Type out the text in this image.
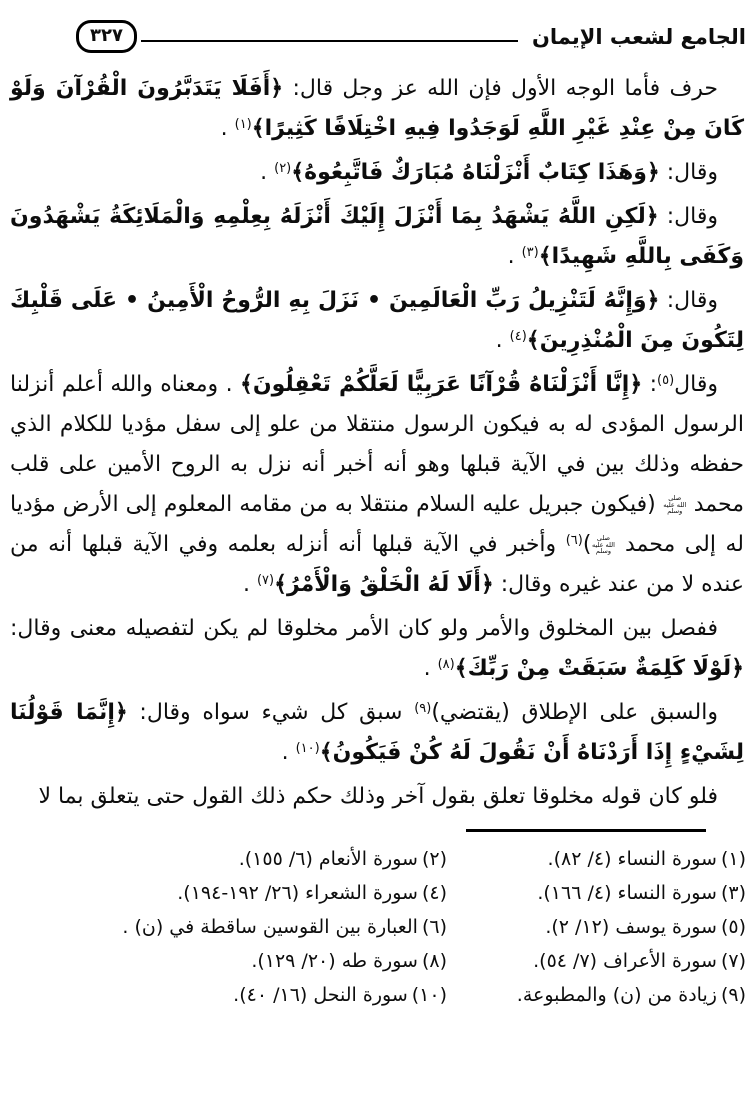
الجامع لشعب الإيمان
٣٢٧

حرف فأما الوجه الأول فإن الله عز وجل قال: ﴿أَفَلَا يَتَدَبَّرُونَ الْقُرْآنَ وَلَوْ كَانَ مِنْ عِنْدِ غَيْرِ اللَّهِ لَوَجَدُوا فِيهِ اخْتِلَافًا كَثِيرًا﴾$^{(١)}$ .

وقال: ﴿وَهَذَا كِتَابٌ أَنْزَلْنَاهُ مُبَارَكٌ فَاتَّبِعُوهُ﴾$^{(٢)}$ .

وقال: ﴿لَكِنِ اللَّهُ يَشْهَدُ بِمَا أَنْزَلَ إِلَيْكَ أَنْزَلَهُ بِعِلْمِهِ وَالْمَلَائِكَةُ يَشْهَدُونَ وَكَفَى بِاللَّهِ شَهِيدًا﴾$^{(٣)}$ .

وقال: ﴿وَإِنَّهُ لَتَنْزِيلُ رَبِّ الْعَالَمِينَ • نَزَلَ بِهِ الرُّوحُ الْأَمِينُ • عَلَى قَلْبِكَ لِتَكُونَ مِنَ الْمُنْذِرِينَ﴾$^{(٤)}$ .

وقال$^{(٥)}$: ﴿إِنَّا أَنْزَلْنَاهُ قُرْآنًا عَرَبِيًّا لَعَلَّكُمْ تَعْقِلُونَ﴾ . ومعناه والله أعلم أنزلنا الرسول المؤدى له به فيكون الرسول منتقلا من علو إلى سفل مؤديا للكلام الذي حفظه وذلك بين في الآية قبلها وهو أنه أخبر أنه نزل به الروح الأمين على قلب محمد صلى الله عليه وسلم (فيكون جبريل عليه السلام منتقلا به من مقامه المعلوم إلى الأرض مؤديا له إلى محمد صلى الله عليه وسلم)$^{(٦)}$ وأخبر في الآية قبلها أنه أنزله بعلمه وفي الآية قبلها أنه من عنده لا من عند غيره وقال: ﴿أَلَا لَهُ الْخَلْقُ وَالْأَمْرُ﴾$^{(٧)}$ .

ففصل بين المخلوق والأمر ولو كان الأمر مخلوقا لم يكن لتفصيله معنى وقال: ﴿لَوْلَا كَلِمَةٌ سَبَقَتْ مِنْ رَبِّكَ﴾$^{(٨)}$ .

والسبق على الإطلاق (يقتضي)$^{(٩)}$ سبق كل شيء سواه وقال: ﴿إِنَّمَا قَوْلُنَا لِشَيْءٍ إِذَا أَرَدْنَاهُ أَنْ نَقُولَ لَهُ كُنْ فَيَكُونُ﴾$^{(١٠)}$ .

فلو كان قوله مخلوقا تعلق بقول آخر وذلك حكم ذلك القول حتى يتعلق بما لا

(١)سورة النساء (٤/ ٨٢).
(٢)سورة الأنعام (٦/ ١٥٥).
(٣)سورة النساء (٤/ ١٦٦).
(٤)سورة الشعراء (٢٦/ ١٩٢-١٩٤).
(٥)سورة يوسف (١٢/ ٢).
(٦)العبارة بين القوسين ساقطة في (ن) .
(٧)سورة الأعراف (٧/ ٥٤).
(٨)سورة طه (٢٠/ ١٢٩).
(٩)زيادة من (ن) والمطبوعة.
(١٠)سورة النحل (١٦/ ٤٠).
